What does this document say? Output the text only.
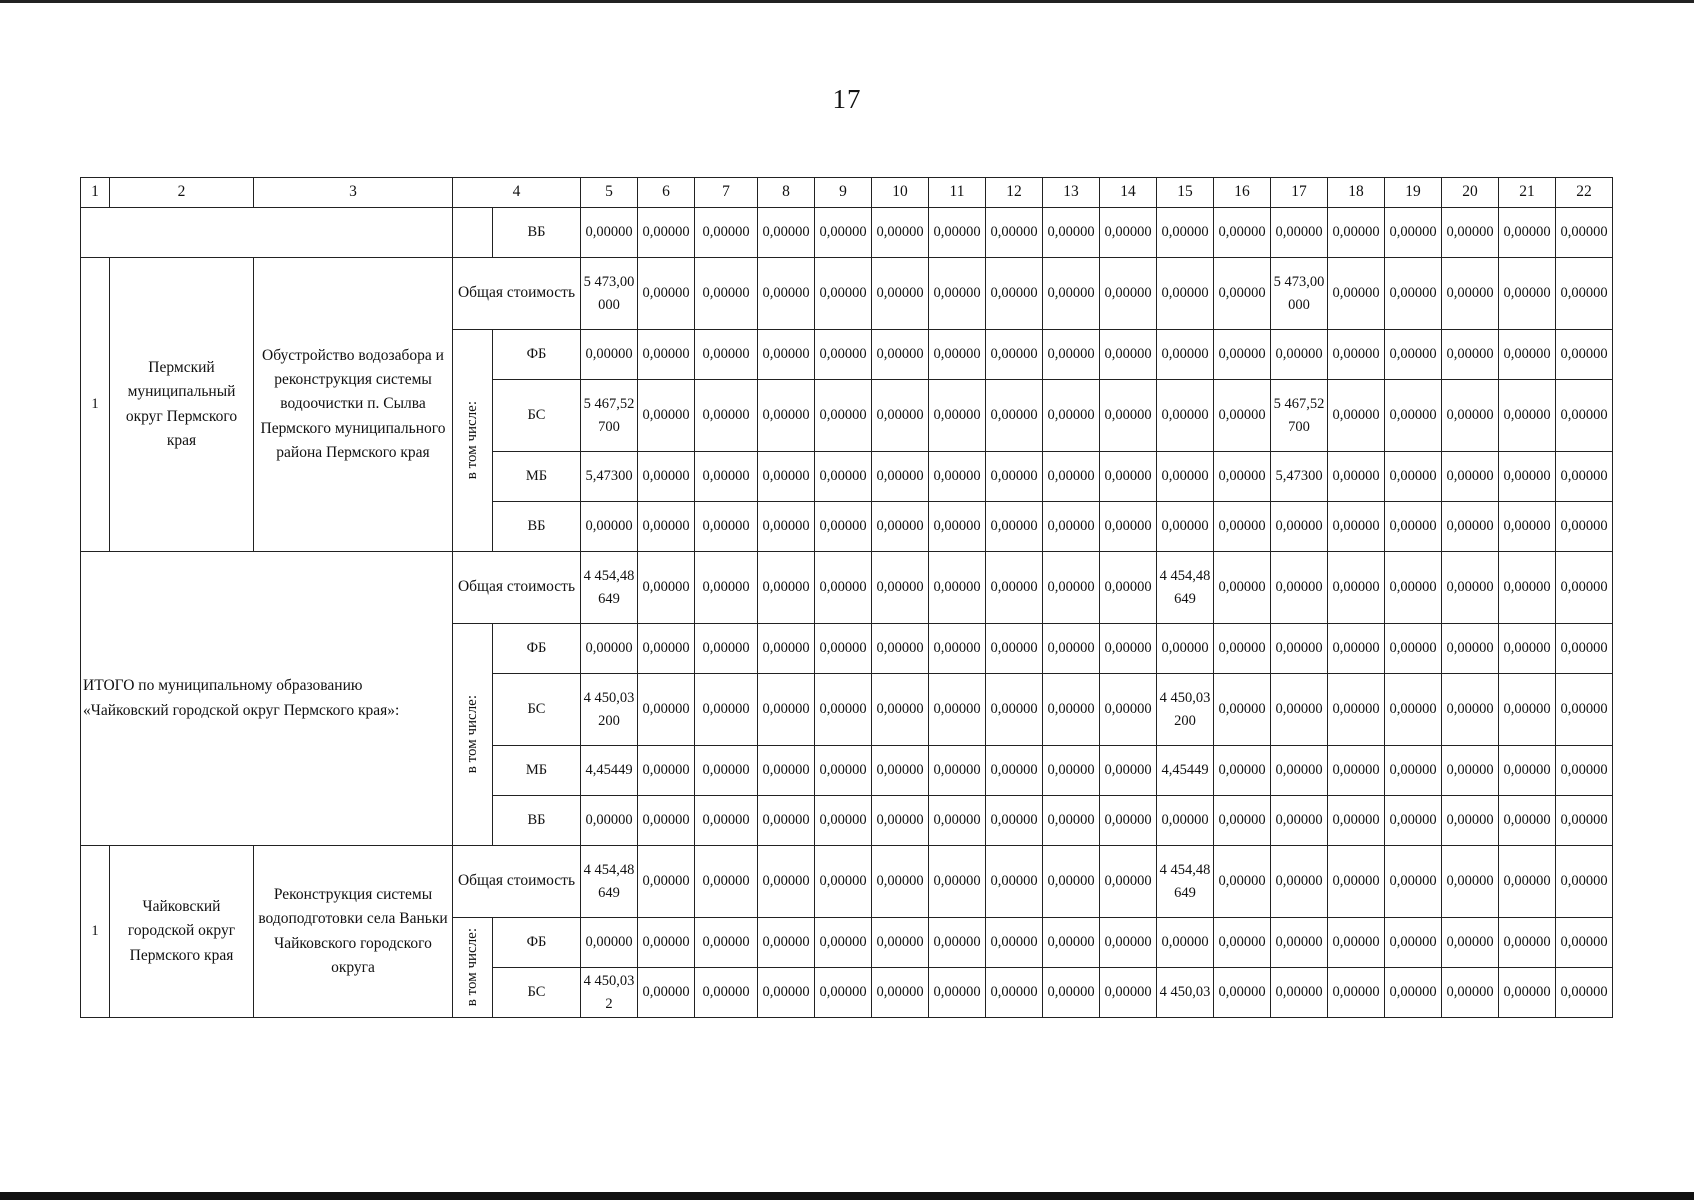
17
1	2	3	4		5	6	7	8	9	10	11	12	13	14	15	16	17	18	19	20	21	22
				ВБ	0,00000	0,00000	0,00000	0,00000	0,00000	0,00000	0,00000	0,00000	0,00000	0,00000	0,00000	0,00000	0,00000	0,00000	0,00000	0,00000	0,00000	0,00000
1	Пермский муниципальный округ Пермского края	Обустройство водозабора и реконструкция системы водоочистки п. Сылва Пермского муниципального района Пермского края	Общая стоимость		5 473,00000	0,00000	0,00000	0,00000	0,00000	0,00000	0,00000	0,00000	0,00000	0,00000	0,00000	0,00000	5 473,00000	0,00000	0,00000	0,00000	0,00000	0,00000

			в том числе:	ФБ	0,00000	0,00000	0,00000	0,00000	0,00000	0,00000	0,00000	0,00000	0,00000	0,00000	0,00000	0,00000	0,00000	0,00000	0,00000	0,00000	0,00000	0,00000
				БС	5 467,52700	0,00000	0,00000	0,00000	0,00000	0,00000	0,00000	0,00000	0,00000	0,00000	0,00000	0,00000	5 467,52700	0,00000	0,00000	0,00000	0,00000	0,00000
				МБ	5,47300	0,00000	0,00000	0,00000	0,00000	0,00000	0,00000	0,00000	0,00000	0,00000	0,00000	0,00000	5,47300	0,00000	0,00000	0,00000	0,00000	0,00000
				ВБ	0,00000	0,00000	0,00000	0,00000	0,00000	0,00000	0,00000	0,00000	0,00000	0,00000	0,00000	0,00000	0,00000	0,00000	0,00000	0,00000	0,00000	0,00000
ИТОГО по муниципальному образованию «Чайковский городской округ Пермского края»:			Общая стоимость		4 454,48649	0,00000	0,00000	0,00000	0,00000	0,00000	0,00000	0,00000	0,00000	0,00000	4 454,48649	0,00000	0,00000	0,00000	0,00000	0,00000	0,00000	0,00000

			в том числе:	ФБ	0,00000	0,00000	0,00000	0,00000	0,00000	0,00000	0,00000	0,00000	0,00000	0,00000	0,00000	0,00000	0,00000	0,00000	0,00000	0,00000	0,00000	0,00000
				БС	4 450,03200	0,00000	0,00000	0,00000	0,00000	0,00000	0,00000	0,00000	0,00000	0,00000	4 450,03200	0,00000	0,00000	0,00000	0,00000	0,00000	0,00000	0,00000
				МБ	4,45449	0,00000	0,00000	0,00000	0,00000	0,00000	0,00000	0,00000	0,00000	0,00000	4,45449	0,00000	0,00000	0,00000	0,00000	0,00000	0,00000	0,00000
				ВБ	0,00000	0,00000	0,00000	0,00000	0,00000	0,00000	0,00000	0,00000	0,00000	0,00000	0,00000	0,00000	0,00000	0,00000	0,00000	0,00000	0,00000	0,00000
1	Чайковский городской округ Пермского края	Реконструкция системы водоподготовки села Ваньки Чайковского городского округа	Общая стоимость		4 454,48649	0,00000	0,00000	0,00000	0,00000	0,00000	0,00000	0,00000	0,00000	0,00000	4 454,48649	0,00000	0,00000	0,00000	0,00000	0,00000	0,00000	0,00000

			в том числе:	ФБ	0,00000	0,00000	0,00000	0,00000	0,00000	0,00000	0,00000	0,00000	0,00000	0,00000	0,00000	0,00000	0,00000	0,00000	0,00000	0,00000	0,00000	0,00000
				БС	4 450,032	0,00000	0,00000	0,00000	0,00000	0,00000	0,00000	0,00000	0,00000	0,00000	4 450,03	0,00000	0,00000	0,00000	0,00000	0,00000	0,00000	0,00000
